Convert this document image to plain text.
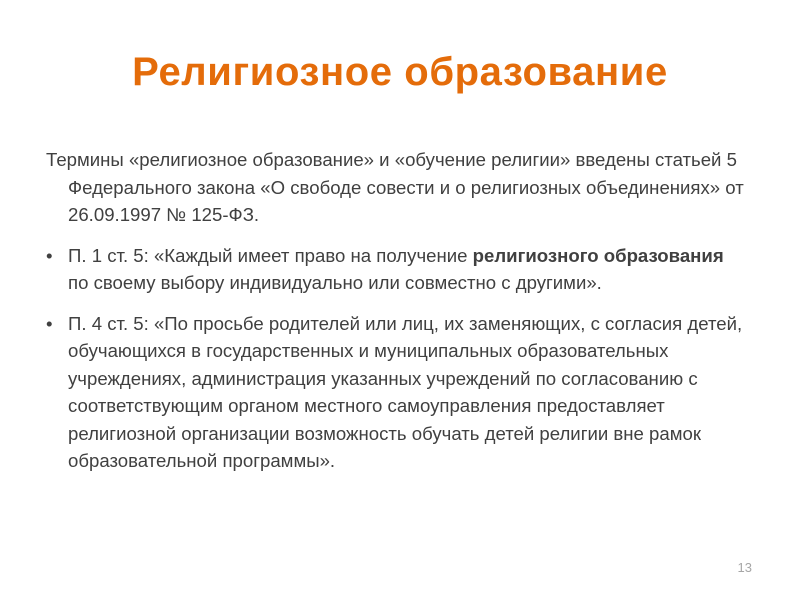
Религиозное образование

Термины «религиозное образование» и «обучение религии» введены статьей 5 Федерального закона «О свободе совести и о религиозных объединениях» от 26.09.1997 № 125-ФЗ.

• П. 1 ст. 5: «Каждый имеет право на получение религиозного образования по своему выбору индивидуально или совместно с другими».
• П. 4 ст. 5: «По просьбе родителей или лиц, их заменяющих, с согласия детей, обучающихся в государственных и муниципальных образовательных учреждениях, администрация указанных учреждений по согласованию с соответствующим органом местного самоуправления предоставляет религиозной организации возможность обучать детей религии вне рамок образовательной программы».
13
